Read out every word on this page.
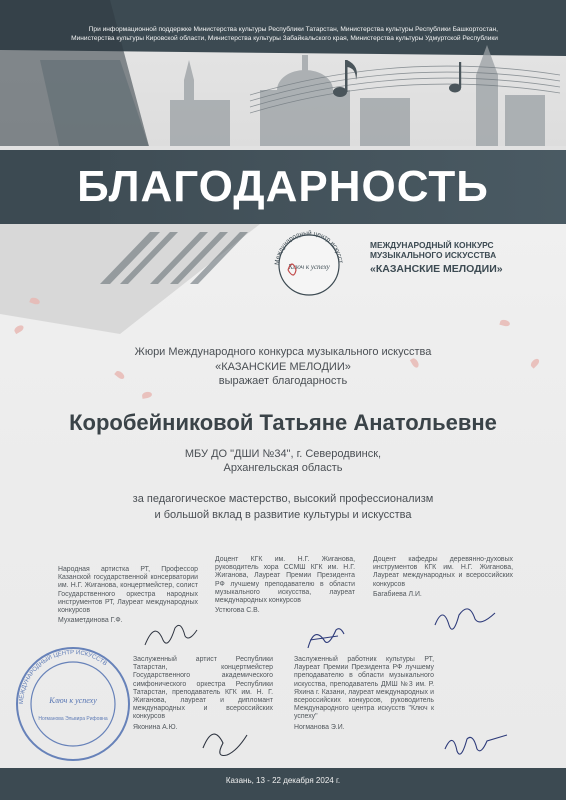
При информационной поддержке Министерства культуры Республики Татарстан, Министерства культуры Республики Башкортостан, Министерства культуры Кировской области, Министерства культуры Забайкальского края, Министерства культуры Удмуртской Республики
БЛАГОДАРНОСТЬ
Международный центр искусст
Ключ к успеху
МЕЖДУНАРОДНЫЙ КОНКУРС
МУЗЫКАЛЬНОГО ИСКУССТВА
«КАЗАНСКИЕ МЕЛОДИИ»
Жюри Международного конкурса музыкального искусства
«КАЗАНСКИЕ МЕЛОДИИ»
выражает благодарность
Коробейниковой Татьяне Анатольевне
МБУ ДО "ДШИ №34", г. Северодвинск,
Архангельская область
за педагогическое мастерство, высокий профессионализм
и большой вклад в развитие культуры и искусства
Народная артистка РТ, Профессор Казанской государственной консерватории им. Н.Г. Жиганова, концертмейстер, солист Государственного оркестра народных инструментов РТ, Лауреат международных конкурсов
Мухаметдинова Г.Ф.
Доцент КГК им. Н.Г. Жиганова, руководитель хора ССМШ КГК им. Н.Г. Жиганова, Лауреат Премии Президента РФ лучшему преподавателю в области музыкального искусства, лауреат международных конкурсов
Устюгова С.В.
Доцент кафедры деревянно-духовых инструментов КГК им. Н.Г. Жиганова, Лауреат международных и всероссийских конкурсов
Багабиева Л.И.
Заслуженный артист Республики Татарстан, концертмейстер Государственного академического симфонического оркестра Республики Татарстан, преподаватель КГК им. Н. Г. Жиганова, лауреат и дипломант международных и всероссийских конкурсов
Яконина А.Ю.
Заслуженный работник культуры РТ, Лауреат Премии Президента РФ лучшему преподавателю в области музыкального искусства, преподаватель ДМШ №3 им. Р. Яхина г. Казани, лауреат международных и всероссийских конкурсов, руководитель Международного центра искусств "Ключ к успеху"
Ногманова Э.И.
МЕЖДУНАРОДНЫЙ ЦЕНТР ИСКУССТВ
Ключ к успеху
Ногманова Эльвира Рифовна
Казань, 13 - 22 декабря 2024 г.
